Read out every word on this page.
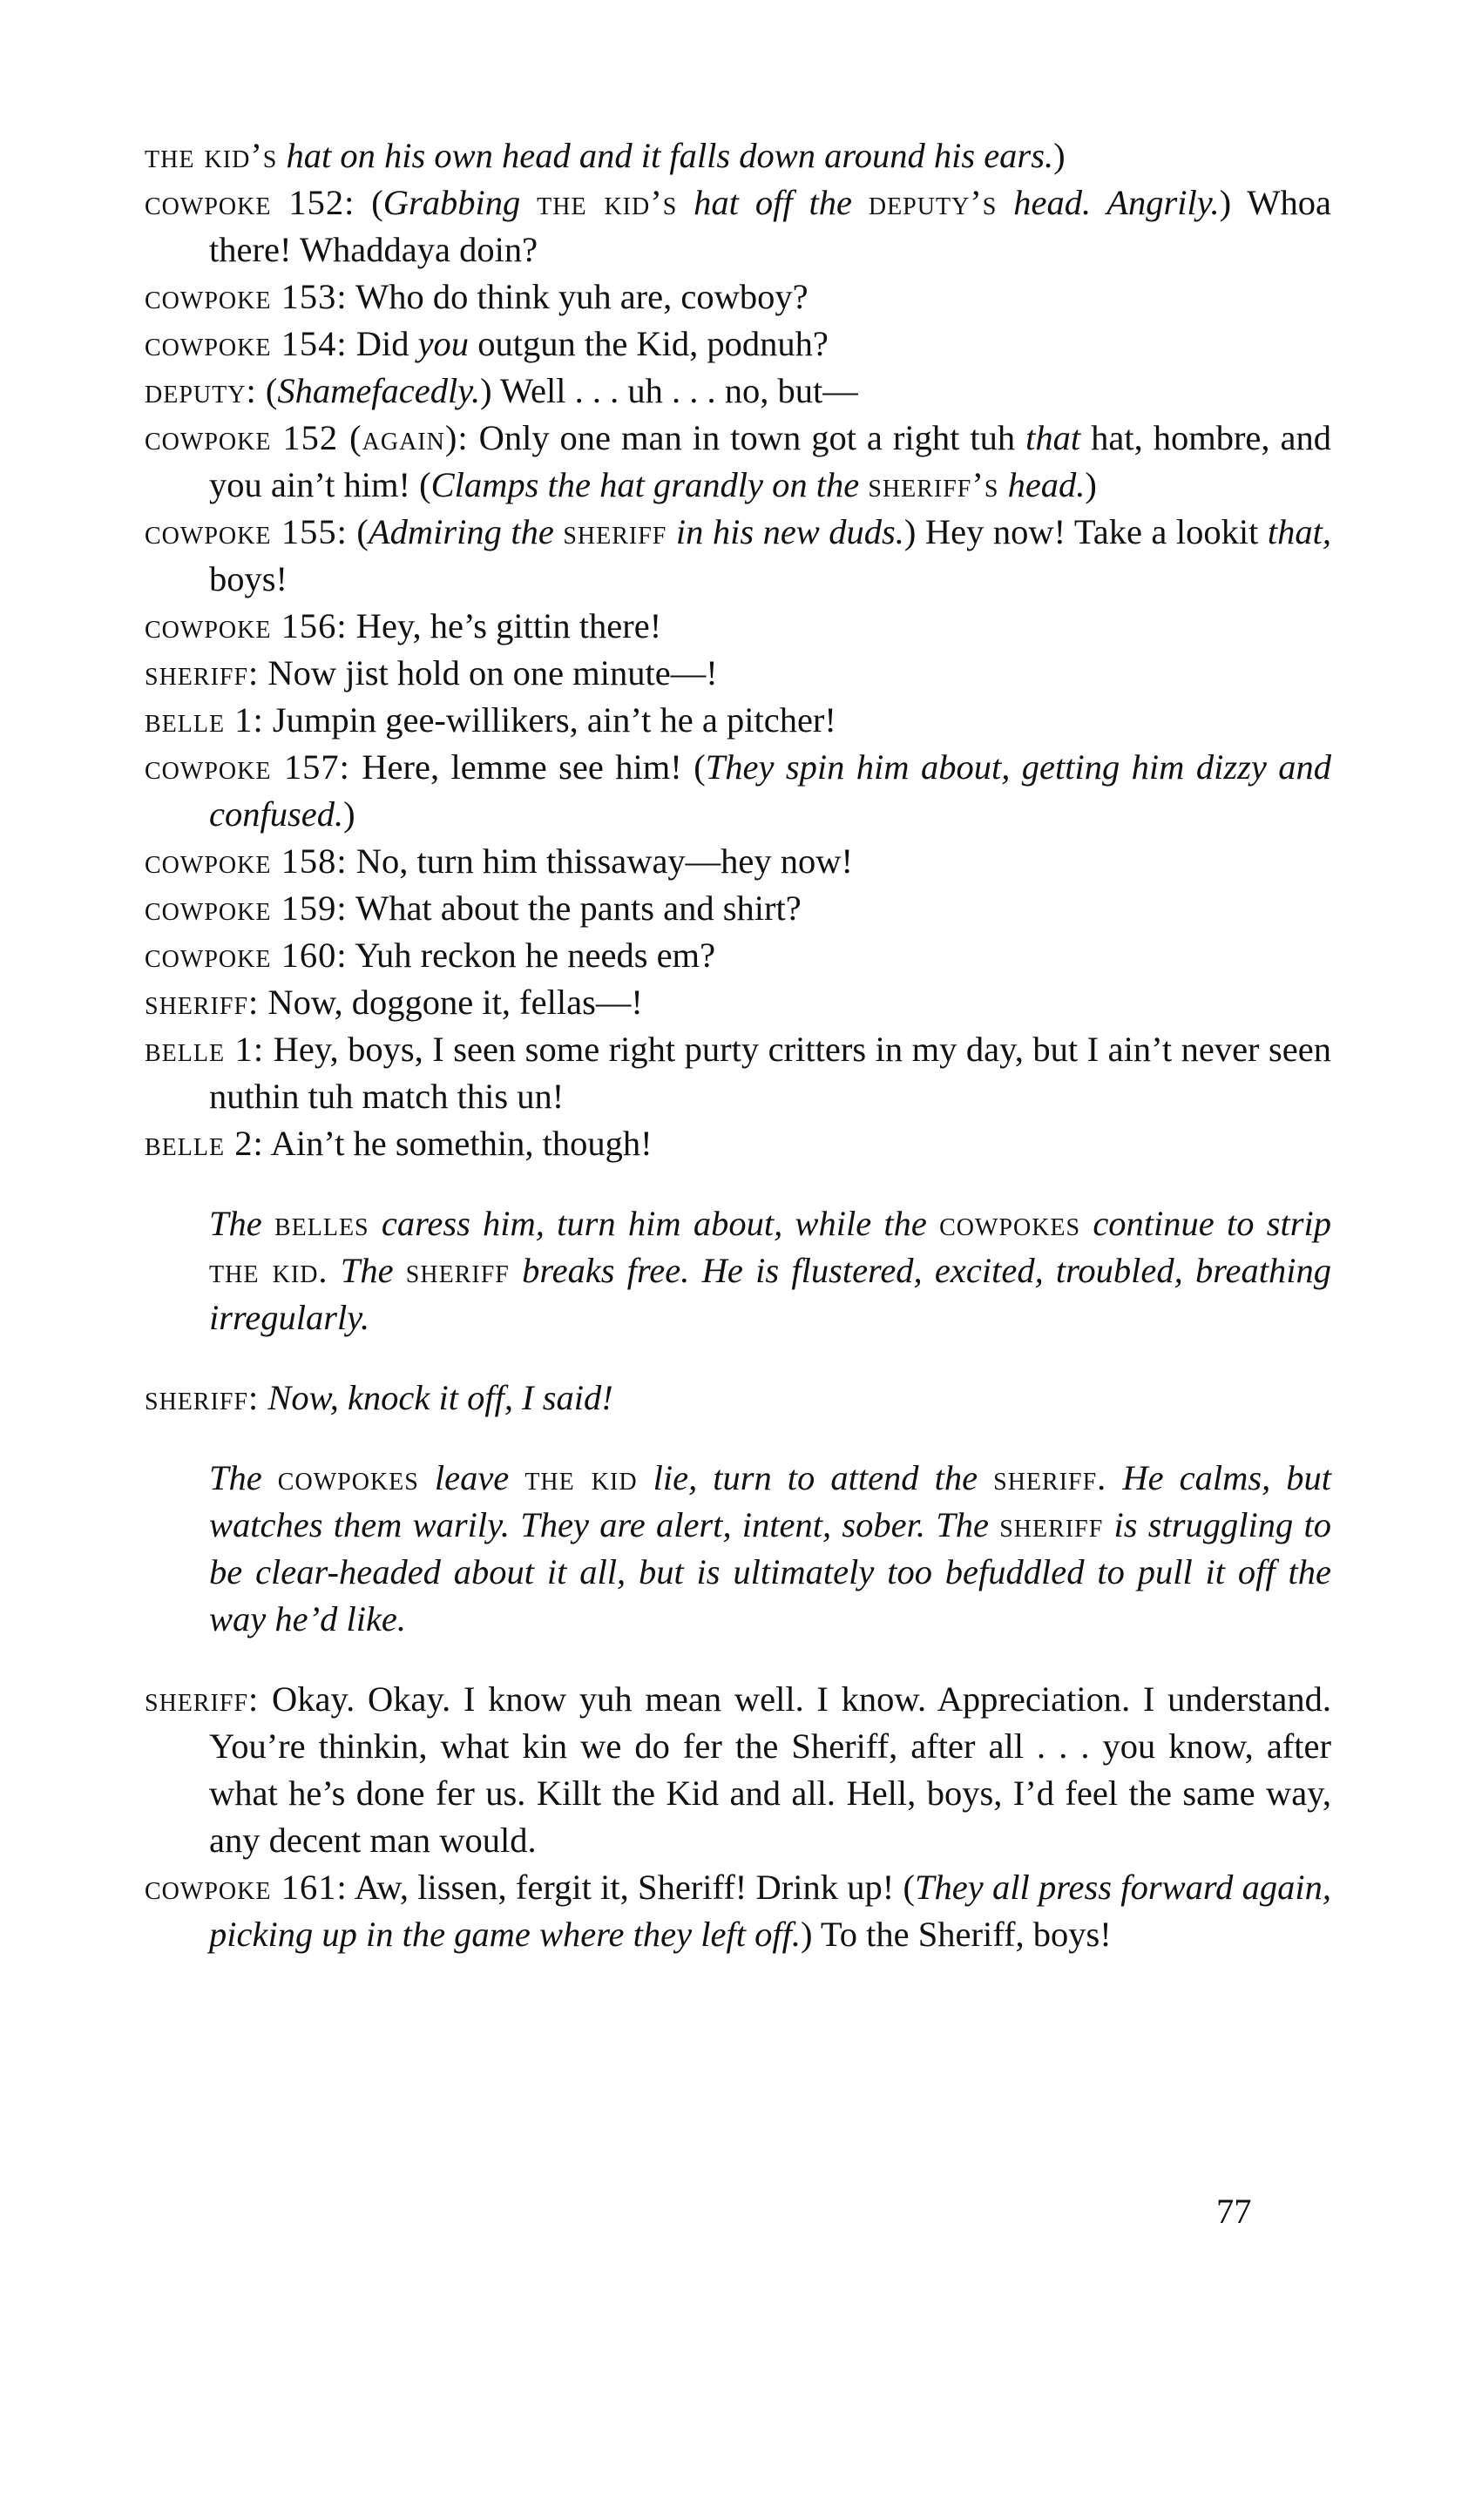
the kid’s hat on his own head and it falls down around his ears.)
cowpoke 152: (Grabbing the kid’s hat off the deputy’s head. Angrily.) Whoa there! Whaddaya doin?
cowpoke 153: Who do think yuh are, cowboy?
cowpoke 154: Did you outgun the Kid, podnuh?
deputy: (Shamefacedly.) Well . . . uh . . . no, but—
cowpoke 152 (again): Only one man in town got a right tuh that hat, hombre, and you ain’t him! (Clamps the hat grandly on the sheriff’s head.)
cowpoke 155: (Admiring the sheriff in his new duds.) Hey now! Take a lookit that, boys!
cowpoke 156: Hey, he’s gittin there!
sheriff: Now jist hold on one minute—!
belle 1: Jumpin gee-willikers, ain’t he a pitcher!
cowpoke 157: Here, lemme see him! (They spin him about, getting him dizzy and confused.)
cowpoke 158: No, turn him thissaway—hey now!
cowpoke 159: What about the pants and shirt?
cowpoke 160: Yuh reckon he needs em?
sheriff: Now, doggone it, fellas—!
belle 1: Hey, boys, I seen some right purty critters in my day, but I ain’t never seen nuthin tuh match this un!
belle 2: Ain’t he somethin, though!
The belles caress him, turn him about, while the cowpokes continue to strip the kid. The sheriff breaks free. He is flustered, excited, troubled, breathing irregularly.
sheriff: Now, knock it off, I said!
The cowpokes leave the kid lie, turn to attend the sheriff. He calms, but watches them warily. They are alert, intent, sober. The sheriff is struggling to be clear-headed about it all, but is ultimately too befuddled to pull it off the way he’d like.
sheriff: Okay. Okay. I know yuh mean well. I know. Appreciation. I understand. You’re thinkin, what kin we do fer the Sheriff, after all . . . you know, after what he’s done fer us. Killt the Kid and all. Hell, boys, I’d feel the same way, any decent man would.
cowpoke 161: Aw, lissen, fergit it, Sheriff! Drink up! (They all press forward again, picking up in the game where they left off.) To the Sheriff, boys!
77
